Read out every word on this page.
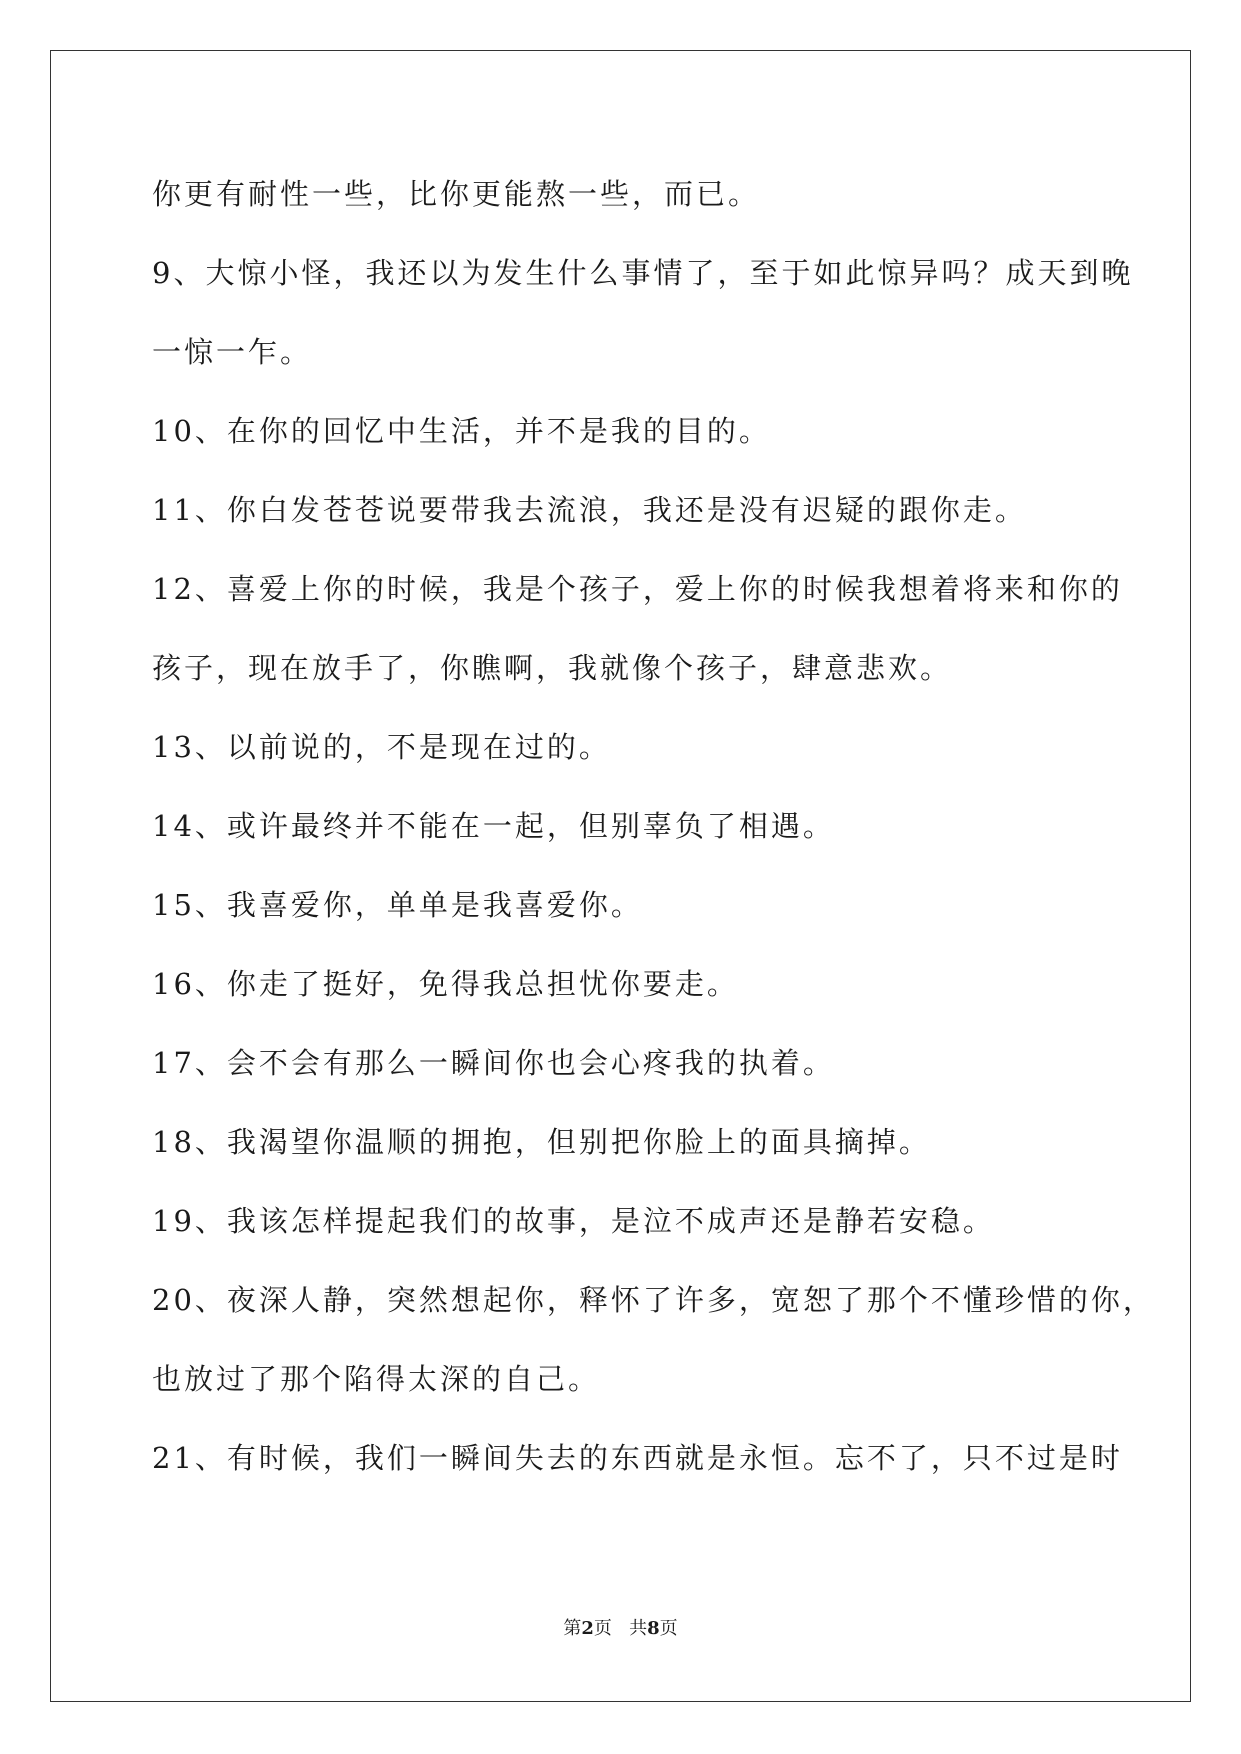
你更有耐性一些，比你更能熬一些，而已。
9、大惊小怪，我还以为发生什么事情了，至于如此惊异吗？成天到晚
一惊一乍。
10、在你的回忆中生活，并不是我的目的。
11、你白发苍苍说要带我去流浪，我还是没有迟疑的跟你走。
12、喜爱上你的时候，我是个孩子，爱上你的时候我想着将来和你的
孩子，现在放手了，你瞧啊，我就像个孩子，肆意悲欢。
13、以前说的，不是现在过的。
14、或许最终并不能在一起，但别辜负了相遇。
15、我喜爱你，单单是我喜爱你。
16、你走了挺好，免得我总担忧你要走。
17、会不会有那么一瞬间你也会心疼我的执着。
18、我渴望你温顺的拥抱，但别把你脸上的面具摘掉。
19、我该怎样提起我们的故事，是泣不成声还是静若安稳。
20、夜深人静，突然想起你，释怀了许多，宽恕了那个不懂珍惜的你，
也放过了那个陷得太深的自己。
21、有时候，我们一瞬间失去的东西就是永恒。忘不了，只不过是时
第2页 共8页
